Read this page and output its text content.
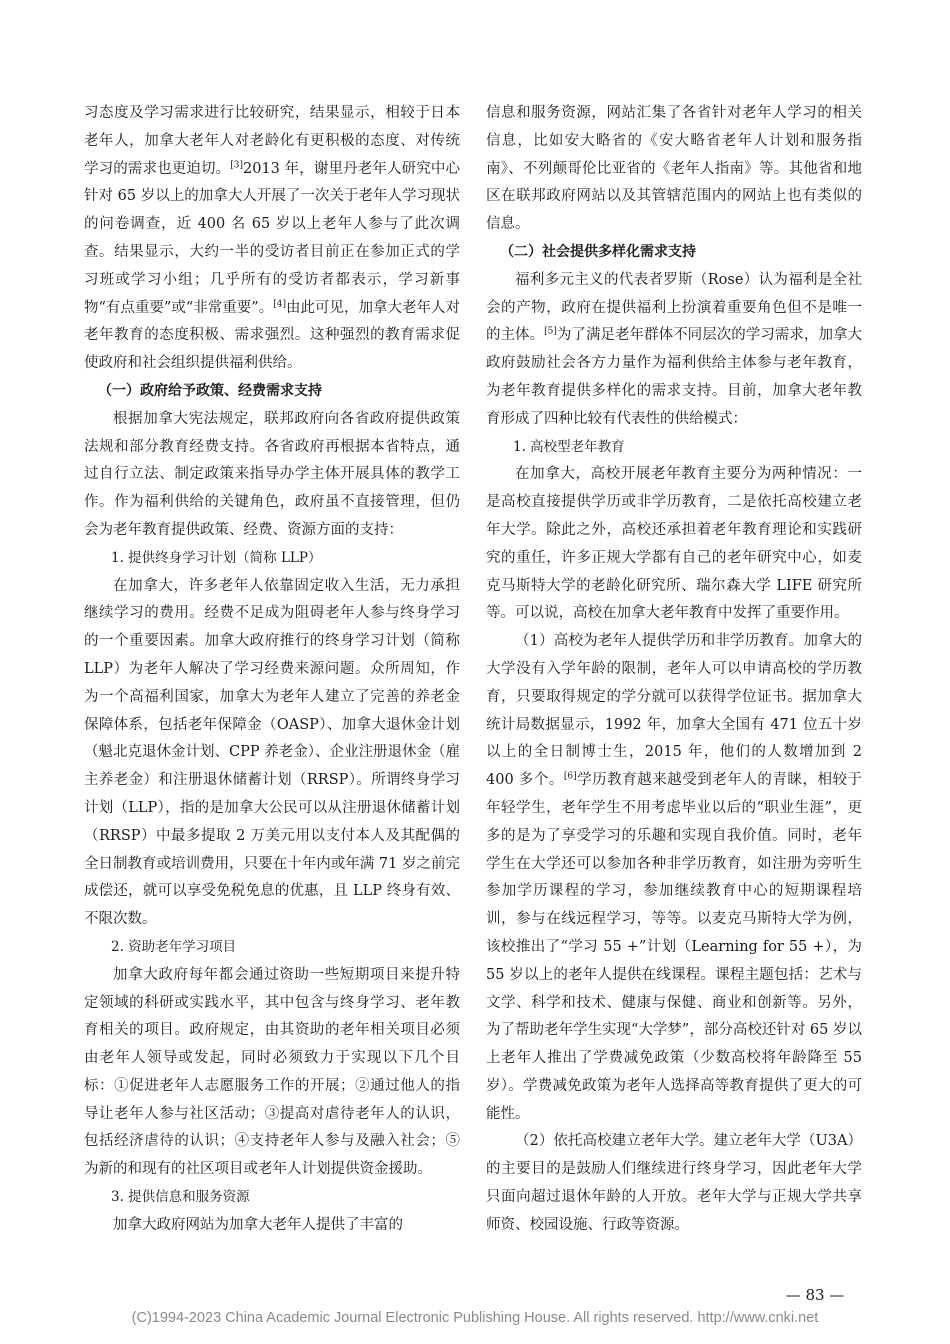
习态度及学习需求进行比较研究，结果显示，相较于日本老年人，加拿大老年人对老龄化有更积极的态度、对传统学习的需求也更迫切。[3]2013 年，谢里丹老年人研究中心针对 65 岁以上的加拿大人开展了一次关于老年人学习现状的问卷调查，近 400 名 65 岁以上老年人参与了此次调查。结果显示，大约一半的受访者目前正在参加正式的学习班或学习小组；几乎所有的受访者都表示，学习新事物“有点重要”或“非常重要”。[4]由此可见，加拿大老年人对老年教育的态度积极、需求强烈。这种强烈的教育需求促使政府和社会组织提供福利供给。

（一）政府给予政策、经费需求支持

根据加拿大宪法规定，联邦政府向各省政府提供政策法规和部分教育经费支持。各省政府再根据本省特点，通过自行立法、制定政策来指导办学主体开展具体的教学工作。作为福利供给的关键角色，政府虽不直接管理，但仍会为老年教育提供政策、经费、资源方面的支持：

1. 提供终身学习计划（简称 LLP）

在加拿大，许多老年人依靠固定收入生活，无力承担继续学习的费用。经费不足成为阻碍老年人参与终身学习的一个重要因素。加拿大政府推行的终身学习计划（简称 LLP）为老年人解决了学习经费来源问题。众所周知，作为一个高福利国家，加拿大为老年人建立了完善的养老金保障体系，包括老年保障金（OASP）、加拿大退休金计划（魁北克退休金计划、CPP 养老金）、企业注册退休金（雇主养老金）和注册退休储蓄计划（RRSP）。所谓终身学习计划（LLP），指的是加拿大公民可以从注册退休储蓄计划（RRSP）中最多提取 2 万美元用以支付本人及其配偶的全日制教育或培训费用，只要在十年内或年满 71 岁之前完成偿还，就可以享受免税免息的优惠，且 LLP 终身有效、不限次数。

2. 资助老年学习项目

加拿大政府每年都会通过资助一些短期项目来提升特定领域的科研或实践水平，其中包含与终身学习、老年教育相关的项目。政府规定，由其资助的老年相关项目必须由老年人领导或发起，同时必须致力于实现以下几个目标：①促进老年人志愿服务工作的开展；②通过他人的指导让老年人参与社区活动；③提高对虐待老年人的认识，包括经济虐待的认识；④支持老年人参与及融入社会；⑤为新的和现有的社区项目或老年人计划提供资金援助。

3. 提供信息和服务资源

加拿大政府网站为加拿大老年人提供了丰富的

信息和服务资源，网站汇集了各省针对老年人学习的相关信息，比如安大略省的《安大略省老年人计划和服务指南》、不列颠哥伦比亚省的《老年人指南》等。其他省和地区在联邦政府网站以及其管辖范围内的网站上也有类似的信息。

（二）社会提供多样化需求支持

福利多元主义的代表者罗斯（Rose）认为福利是全社会的产物，政府在提供福利上扮演着重要角色但不是唯一的主体。[5]为了满足老年群体不同层次的学习需求，加拿大政府鼓励社会各方力量作为福利供给主体参与老年教育，为老年教育提供多样化的需求支持。目前，加拿大老年教育形成了四种比较有代表性的供给模式：

1. 高校型老年教育

在加拿大，高校开展老年教育主要分为两种情况：一是高校直接提供学历或非学历教育，二是依托高校建立老年大学。除此之外，高校还承担着老年教育理论和实践研究的重任，许多正规大学都有自己的老年研究中心，如麦克马斯特大学的老龄化研究所、瑞尔森大学 LIFE 研究所等。可以说，高校在加拿大老年教育中发挥了重要作用。

（1）高校为老年人提供学历和非学历教育。加拿大的大学没有入学年龄的限制，老年人可以申请高校的学历教育，只要取得规定的学分就可以获得学位证书。据加拿大统计局数据显示，1992 年，加拿大全国有 471 位五十岁以上的全日制博士生，2015 年，他们的人数增加到 2 400 多个。[6]学历教育越来越受到老年人的青睐，相较于年轻学生，老年学生不用考虑毕业以后的“职业生涯”，更多的是为了享受学习的乐趣和实现自我价值。同时，老年学生在大学还可以参加各种非学历教育，如注册为旁听生参加学历课程的学习，参加继续教育中心的短期课程培训，参与在线远程学习，等等。以麦克马斯特大学为例，该校推出了“学习 55 +”计划（Learning for 55 +），为 55 岁以上的老年人提供在线课程。课程主题包括：艺术与文学、科学和技术、健康与保健、商业和创新等。另外，为了帮助老年学生实现“大学梦”，部分高校还针对 65 岁以上老年人推出了学费减免政策（少数高校将年龄降至 55 岁）。学费减免政策为老年人选择高等教育提供了更大的可能性。

（2）依托高校建立老年大学。建立老年大学（U3A）的主要目的是鼓励人们继续进行终身学习，因此老年大学只面向超过退休年龄的人开放。老年大学与正规大学共享师资、校园设施、行政等资源。

— 83 —
(C)1994-2023 China Academic Journal Electronic Publishing House. All rights reserved. http://www.cnki.net
